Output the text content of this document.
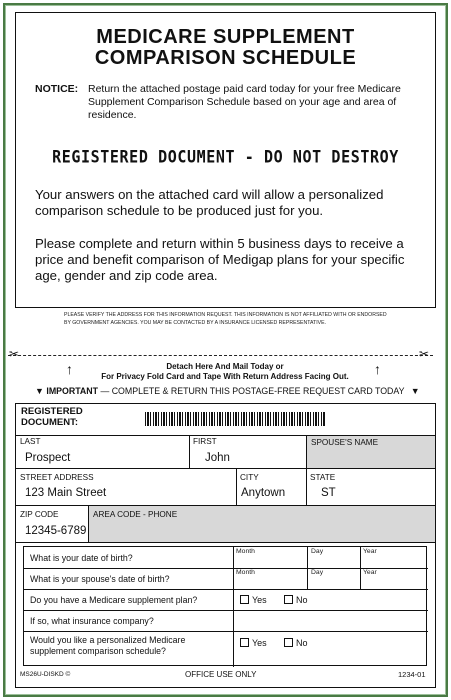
MEDICARE SUPPLEMENT
COMPARISON SCHEDULE
NOTICE: Return the attached postage paid card today for your free Medicare Supplement Comparison Schedule based on your age and area of residence.
REGISTERED DOCUMENT - DO NOT DESTROY
Your answers on the attached card will allow a personalized comparison schedule to be produced just for you.
Please complete and return within 5 business days to receive a price and benefit comparison of Medigap plans for your specific age, gender and zip code area.
PLEASE VERIFY THE ADDRESS FOR THIS INFORMATION REQUEST. THIS INFORMATION IS NOT AFFILIATED WITH OR ENDORSED BY GOVERNMENT AGENCIES. YOU MAY BE CONTACTED BY A INSURANCE LICENSED REPRESENTATIVE.
✂	✂
↑	↑
Detach Here And Mail Today or
For Privacy Fold Card and Tape With Return Address Facing Out.
▼ IMPORTANT — COMPLETE & RETURN THIS POSTAGE-FREE REQUEST CARD TODAY ▼
REGISTERED
DOCUMENT:
LAST
Prospect
FIRST
John
SPOUSE'S NAME
STREET ADDRESS
123 Main Street
CITY
Anytown
STATE
ST
ZIP CODE
12345-6789
AREA CODE - PHONE
What is your date of birth?
Month	Day	Year
What is your spouse's date of birth?
Month	Day	Year
Do you have a Medicare supplement plan?	Yes	No
If so, what insurance company?
Would you like a personalized Medicare
supplement comparison schedule?
Yes	No
MS26U-DISKD ©	OFFICE USE ONLY	1234-01
